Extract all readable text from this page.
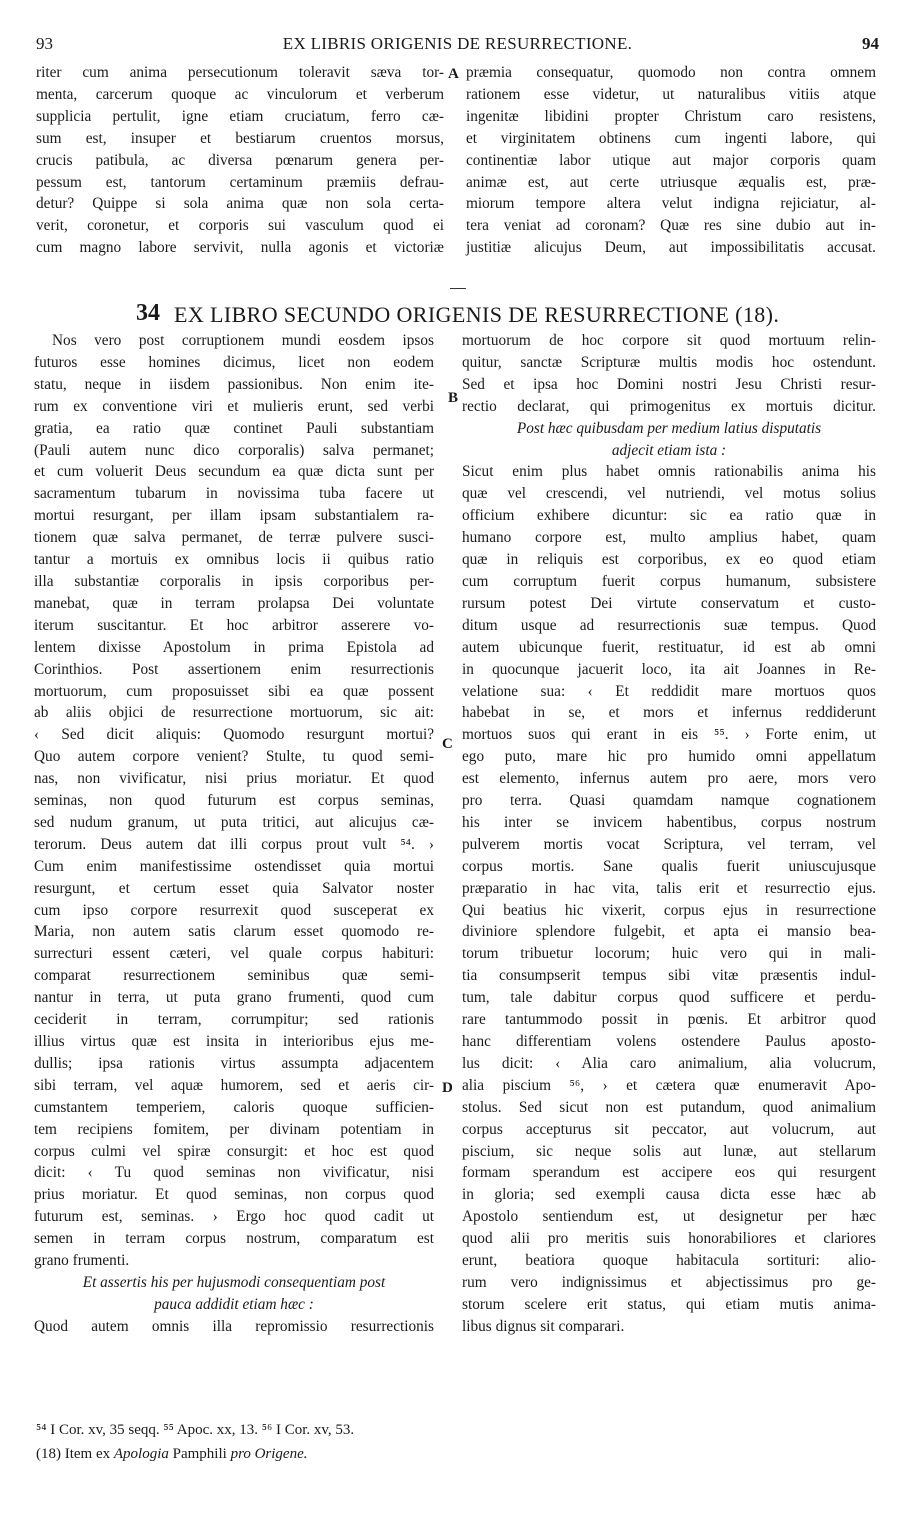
93	EX LIBRIS ORIGENIS DE RESURRECTIONE.	94
riter cum anima persecutionum toleravit sæva tor-
menta, carcerum quoque ac vinculorum et verberum
supplicia pertulit, igne etiam cruciatum, ferro cæ-
sum est, insuper et bestiarum cruentos morsus,
crucis patibula, ac diversa pœnarum genera per-
pessum est, tantorum certaminum præmiis defrau-
detur? Quippe si sola anima quæ non sola certa-
verit, coronetur, et corporis sui vasculum quod ei
cum magno labore servivit, nulla agonis et victoriæ
A præmia consequatur, quomodo non contra omnem
rationem esse videtur, ut naturalibus vitiis atque
ingenitæ libidini propter Christum caro resistens,
et virginitatem obtinens cum ingenti labore, qui
continentiæ labor utique aut major corporis quam
animæ est, aut certe utriusque æqualis est, præ-
miorum tempore altera velut indigna rejiciatur, al-
tera veniat ad coronam? Quæ res sine dubio aut in-
justitiæ alicujus Deum, aut impossibilitatis accusat.
34 EX LIBRO SECUNDO ORIGENIS DE RESURRECTIONE (18).
Nos vero post corruptionem mundi eosdem ipsos
futuros esse homines dicimus, licet non eodem
statu, neque in iisdem passionibus. Non enim ite-
rum ex conventione viri et mulieris erunt, sed verbi
gratia, ea ratio quæ continet Pauli substantiam
(Pauli autem nunc dico corporalis) salva permanet;
et cum voluerit Deus secundum ea quæ dicta sunt per
sacramentum tubarum in novissima tuba facere ut
mortui resurgant, per illam ipsam substantialem ra-
tionem quæ salva permanet, de terræ pulvere susci-
tantur a mortuis ex omnibus locis ii quibus ratio
illa substantiæ corporalis in ipsis corporibus per-
manebat, quæ in terram prolapsa Dei voluntate
iterum suscitantur. Et hoc arbitror asserere vo-
lentem dixisse Apostolum in prima Epistola ad
Corinthios. Post assertionem enim resurrectionis
mortuorum, cum proposuisset sibi ea quæ possent
ab aliis objici de resurrectione mortuorum, sic ait:
‹ Sed dicit aliquis: Quomodo resurgunt mortui?
Quo autem corpore venient? Stulte, tu quod semi-
nas, non vivificatur, nisi prius moriatur. Et quod
seminas, non quod futurum est corpus seminas,
sed nudum granum, ut puta tritici, aut alicujus cæ-
terorum. Deus autem dat illi corpus prout vult ⁵⁴. ›
Cum enim manifestissime ostendisset quia mortui
resurgunt, et certum esset quia Salvator noster
cum ipso corpore resurrexit quod susceperat ex
Maria, non autem satis clarum esset quomodo re-
surrecturi essent cæteri, vel quale corpus habituri:
comparat resurrectionem seminibus quæ semi-
nantur in terra, ut puta grano frumenti, quod cum
ceciderit in terram, corrumpitur; sed rationis
illius virtus quæ est insita in interioribus ejus me-
dullis; ipsa rationis virtus assumpta adjacentem
sibi terram, vel aquæ humorem, sed et aeris cir-
cumstantem temperiem, caloris quoque sufficien-
tem recipiens fomitem, per divinam potentiam in
corpus culmi vel spiræ consurgit: et hoc est quod
dicit: ‹ Tu quod seminas non vivificatur, nisi
prius moriatur. Et quod seminas, non corpus quod
futurum est, seminas. › Ergo hoc quod cadit ut
semen in terram corpus nostrum, comparatum est
grano frumenti.
Et assertis his per hujusmodi consequentiam post
pauca addidit etiam hæc :
Quod autem omnis illa repromissio resurrectionis
B
C
D
mortuorum de hoc corpore sit quod mortuum relin-
quitur, sanctæ Scripturæ multis modis hoc ostendunt.
Sed et ipsa hoc Domini nostri Jesu Christi resur-
rectio declarat, qui primogenitus ex mortuis dicitur.
Post hæc quibusdam per medium latius disputatis
adjecit etiam ista :
Sicut enim plus habet omnis rationabilis anima his
quæ vel crescendi, vel nutriendi, vel motus solius
officium exhibere dicuntur: sic ea ratio quæ in
humano corpore est, multo amplius habet, quam
quæ in reliquis est corporibus, ex eo quod etiam
cum corruptum fuerit corpus humanum, subsistere
rursum potest Dei virtute conservatum et custo-
ditum usque ad resurrectionis suæ tempus. Quod
autem ubicunque fuerit, restituatur, id est ab omni
in quocunque jacuerit loco, ita ait Joannes in Re-
velatione sua: ‹ Et reddidit mare mortuos quos
habebat in se, et mors et infernus reddiderunt
mortuos suos qui erant in eis ⁵⁵. › Forte enim, ut
ego puto, mare hic pro humido omni appellatum
est elemento, infernus autem pro aere, mors vero
pro terra. Quasi quamdam namque cognationem
his inter se invicem habentibus, corpus nostrum
pulverem mortis vocat Scriptura, vel terram, vel
corpus mortis. Sane qualis fuerit uniuscujusque
præparatio in hac vita, talis erit et resurrectio ejus.
Qui beatius hic vixerit, corpus ejus in resurrectione
diviniore splendore fulgebit, et apta ei mansio bea-
torum tribuetur locorum; huic vero qui in mali-
tia consumpserit tempus sibi vitæ præsentis indul-
tum, tale dabitur corpus quod sufficere et perdu-
rare tantummodo possit in pœnis. Et arbitror quod
hanc differentiam volens ostendere Paulus aposto-
lus dicit: ‹ Alia caro animalium, alia volucrum,
alia piscium ⁵⁶, › et cætera quæ enumeravit Apo-
stolus. Sed sicut non est putandum, quod animalium
corpus accepturus sit peccator, aut volucrum, aut
piscium, sic neque solis aut lunæ, aut stellarum
formam sperandum est accipere eos qui resurgent
in gloria; sed exempli causa dicta esse hæc ab
Apostolo sentiendum est, ut designetur per hæc
quod alii pro meritis suis honorabiliores et clariores
erunt, beatiora quoque habitacula sortituri: alio-
rum vero indignissimus et abjectissimus pro ge-
storum scelere erit status, qui etiam mutis anima-
libus dignus sit comparari.
⁵⁴ I Cor. xv, 35 seqq. ⁵⁵ Apoc. xx, 13. ⁵⁶ I Cor. xv, 53.
(18) Item ex Apologia Pamphili pro Origene.
